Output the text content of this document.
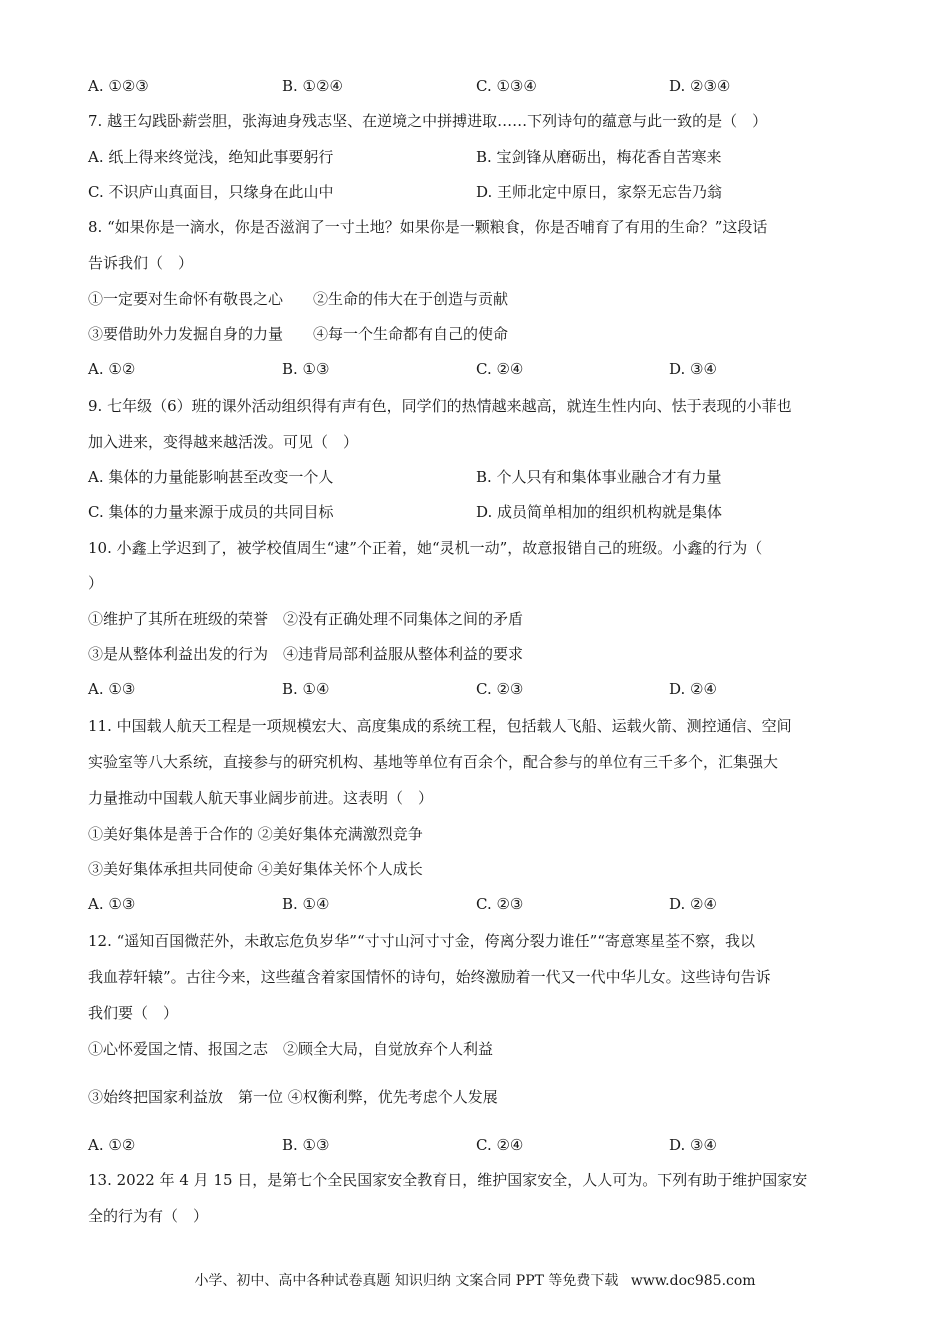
A. ①②③	B. ①②④	C. ①③④	D. ②③④
7. 越王勾践卧薪尝胆，张海迪身残志坚、在逆境之中拼搏进取……下列诗句的蕴意与此一致的是（　）
A. 纸上得来终觉浅，绝知此事要躬行	B. 宝剑锋从磨砺出，梅花香自苦寒来
C. 不识庐山真面目，只缘身在此山中	D. 王师北定中原日，家祭无忘告乃翁
8. “如果你是一滴水，你是否滋润了一寸土地？如果你是一颗粮食，你是否哺育了有用的生命？”这段话
告诉我们（　）
①一定要对生命怀有敬畏之心　　②生命的伟大在于创造与贡献
③要借助外力发掘自身的力量　　④每一个生命都有自己的使命
A. ①②	B. ①③	C. ②④	D. ③④
9. 七年级（6）班的课外活动组织得有声有色，同学们的热情越来越高，就连生性内向、怯于表现的小菲也
加入进来，变得越来越活泼。可见（　）
A. 集体的力量能影响甚至改变一个人	B. 个人只有和集体事业融合才有力量
C. 集体的力量来源于成员的共同目标	D. 成员简单相加的组织机构就是集体
10. 小鑫上学迟到了，被学校值周生“逮”个正着，她“灵机一动”，故意报错自己的班级。小鑫的行为（
）
①维护了其所在班级的荣誉　②没有正确处理不同集体之间的矛盾
③是从整体利益出发的行为　④违背局部利益服从整体利益的要求
A. ①③	B. ①④	C. ②③	D. ②④
11. 中国载人航天工程是一项规模宏大、高度集成的系统工程，包括载人飞船、运载火箭、测控通信、空间
实验室等八大系统，直接参与的研究机构、基地等单位有百余个，配合参与的单位有三千多个，汇集强大
力量推动中国载人航天事业阔步前进。这表明（　）
①美好集体是善于合作的 ②美好集体充满激烈竞争
③美好集体承担共同使命 ④美好集体关怀个人成长
A. ①③	B. ①④	C. ②③	D. ②④
12. “遥知百国微茫外，未敢忘危负岁华”“寸寸山河寸寸金，侉离分裂力谁任”“寄意寒星荃不察，我以
我血荐轩辕”。古往今来，这些蕴含着家国情怀的诗句，始终激励着一代又一代中华儿女。这些诗句告诉
我们要（　）
①心怀爱国之情、报国之志　②顾全大局，自觉放弃个人利益
③始终把国家利益放　第一位 ④权衡利弊，优先考虑个人发展
A. ①②	B. ①③	C. ②④	D. ③④
13. 2022 年 4 月 15 日，是第七个全民国家安全教育日，维护国家安全，人人可为。下列有助于维护国家安
全的行为有（　）
小学、初中、高中各种试卷真题 知识归纳 文案合同 PPT 等免费下载 www.doc985.com
